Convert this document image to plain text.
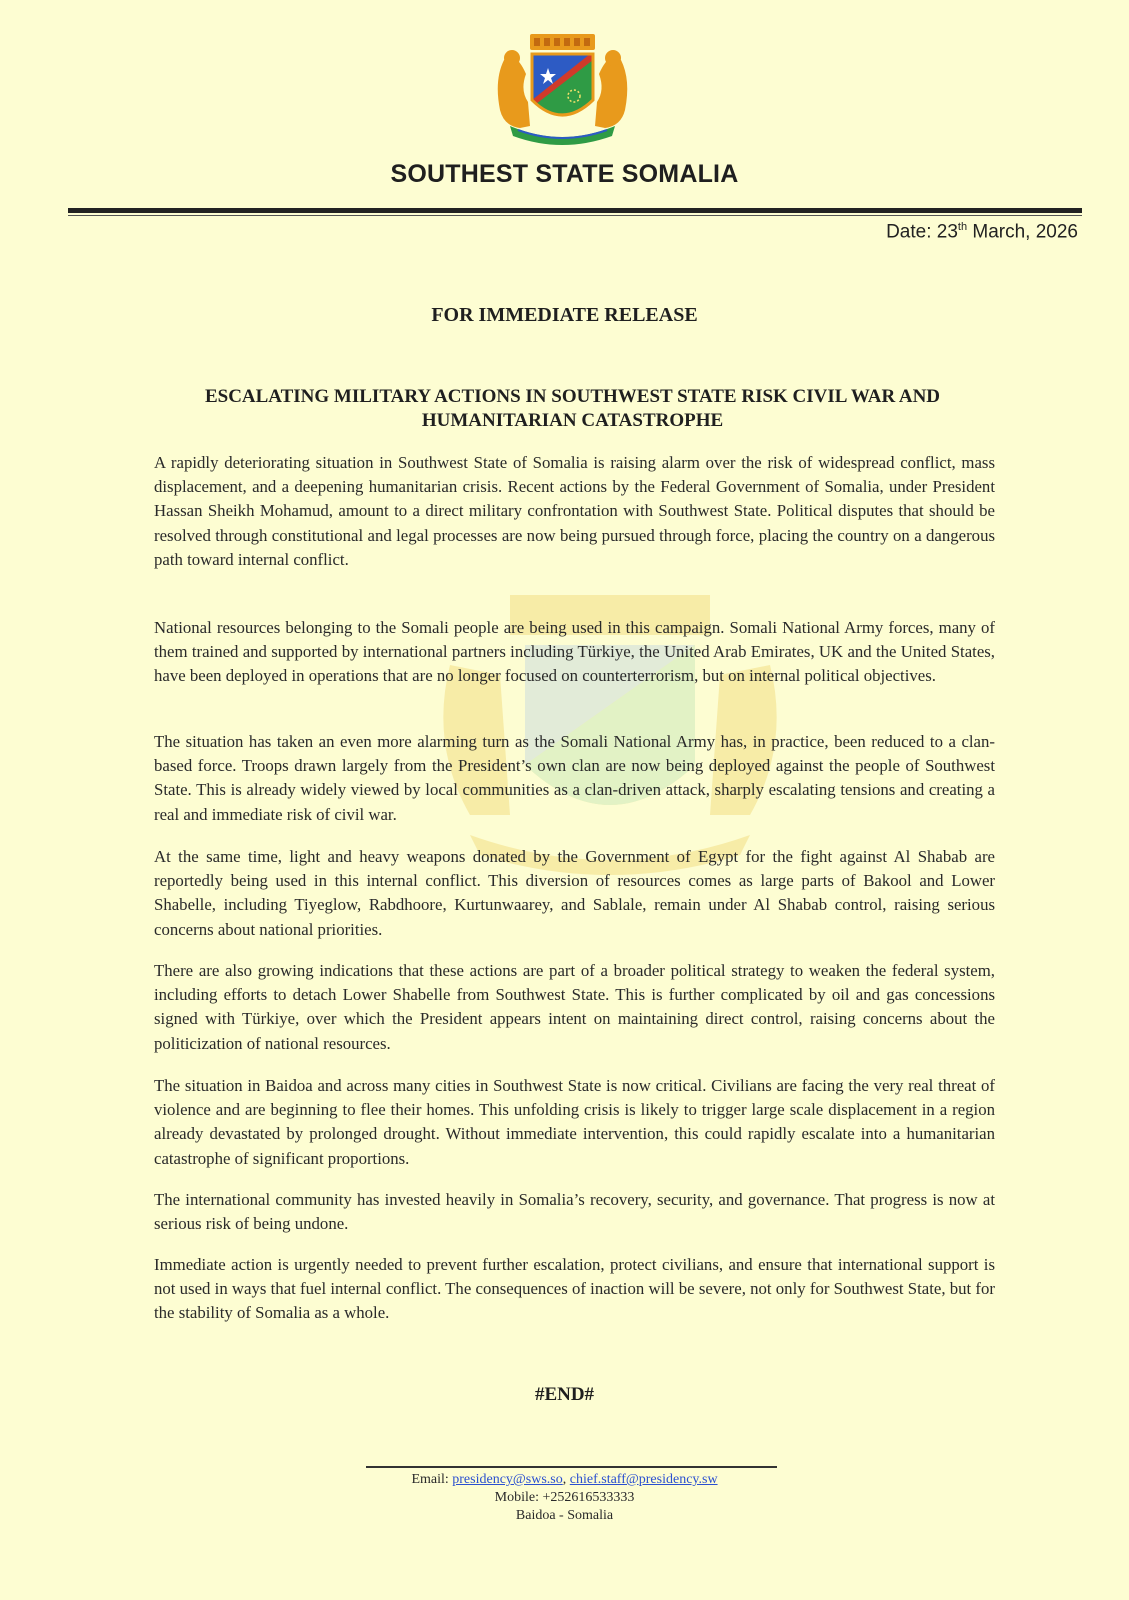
SOUTHEST STATE SOMALIA
Date: 23th March, 2026
FOR IMMEDIATE RELEASE
ESCALATING MILITARY ACTIONS IN SOUTHWEST STATE RISK CIVIL WAR AND
HUMANITARIAN CATASTROPHE

A rapidly deteriorating situation in Southwest State of Somalia is raising alarm over the risk of widespread conflict, mass displacement, and a deepening humanitarian crisis. Recent actions by the Federal Government of Somalia, under President Hassan Sheikh Mohamud, amount to a direct military confrontation with Southwest State. Political disputes that should be resolved through constitutional and legal processes are now being pursued through force, placing the country on a dangerous path toward internal conflict.

National resources belonging to the Somali people are being used in this campaign. Somali National Army forces, many of them trained and supported by international partners including Türkiye, the United Arab Emirates, UK and the United States, have been deployed in operations that are no longer focused on counterterrorism, but on internal political objectives.

The situation has taken an even more alarming turn as the Somali National Army has, in practice, been reduced to a clan-based force. Troops drawn largely from the President’s own clan are now being deployed against the people of Southwest State. This is already widely viewed by local communities as a clan-driven attack, sharply escalating tensions and creating a real and immediate risk of civil war.

At the same time, light and heavy weapons donated by the Government of Egypt for the fight against Al Shabab are reportedly being used in this internal conflict. This diversion of resources comes as large parts of Bakool and Lower Shabelle, including Tiyeglow, Rabdhoore, Kurtunwaarey, and Sablale, remain under Al Shabab control, raising serious concerns about national priorities.

There are also growing indications that these actions are part of a broader political strategy to weaken the federal system, including efforts to detach Lower Shabelle from Southwest State. This is further complicated by oil and gas concessions signed with Türkiye, over which the President appears intent on maintaining direct control, raising concerns about the politicization of national resources.

The situation in Baidoa and across many cities in Southwest State is now critical. Civilians are facing the very real threat of violence and are beginning to flee their homes. This unfolding crisis is likely to trigger large scale displacement in a region already devastated by prolonged drought. Without immediate intervention, this could rapidly escalate into a humanitarian catastrophe of significant proportions.

The international community has invested heavily in Somalia’s recovery, security, and governance. That progress is now at serious risk of being undone.

Immediate action is urgently needed to prevent further escalation, protect civilians, and ensure that international support is not used in ways that fuel internal conflict. The consequences of inaction will be severe, not only for Southwest State, but for the stability of Somalia as a whole.

#END#
Email: presidency@sws.so, chief.staff@presidency.sw
Mobile: +252616533333
Baidoa - Somalia
